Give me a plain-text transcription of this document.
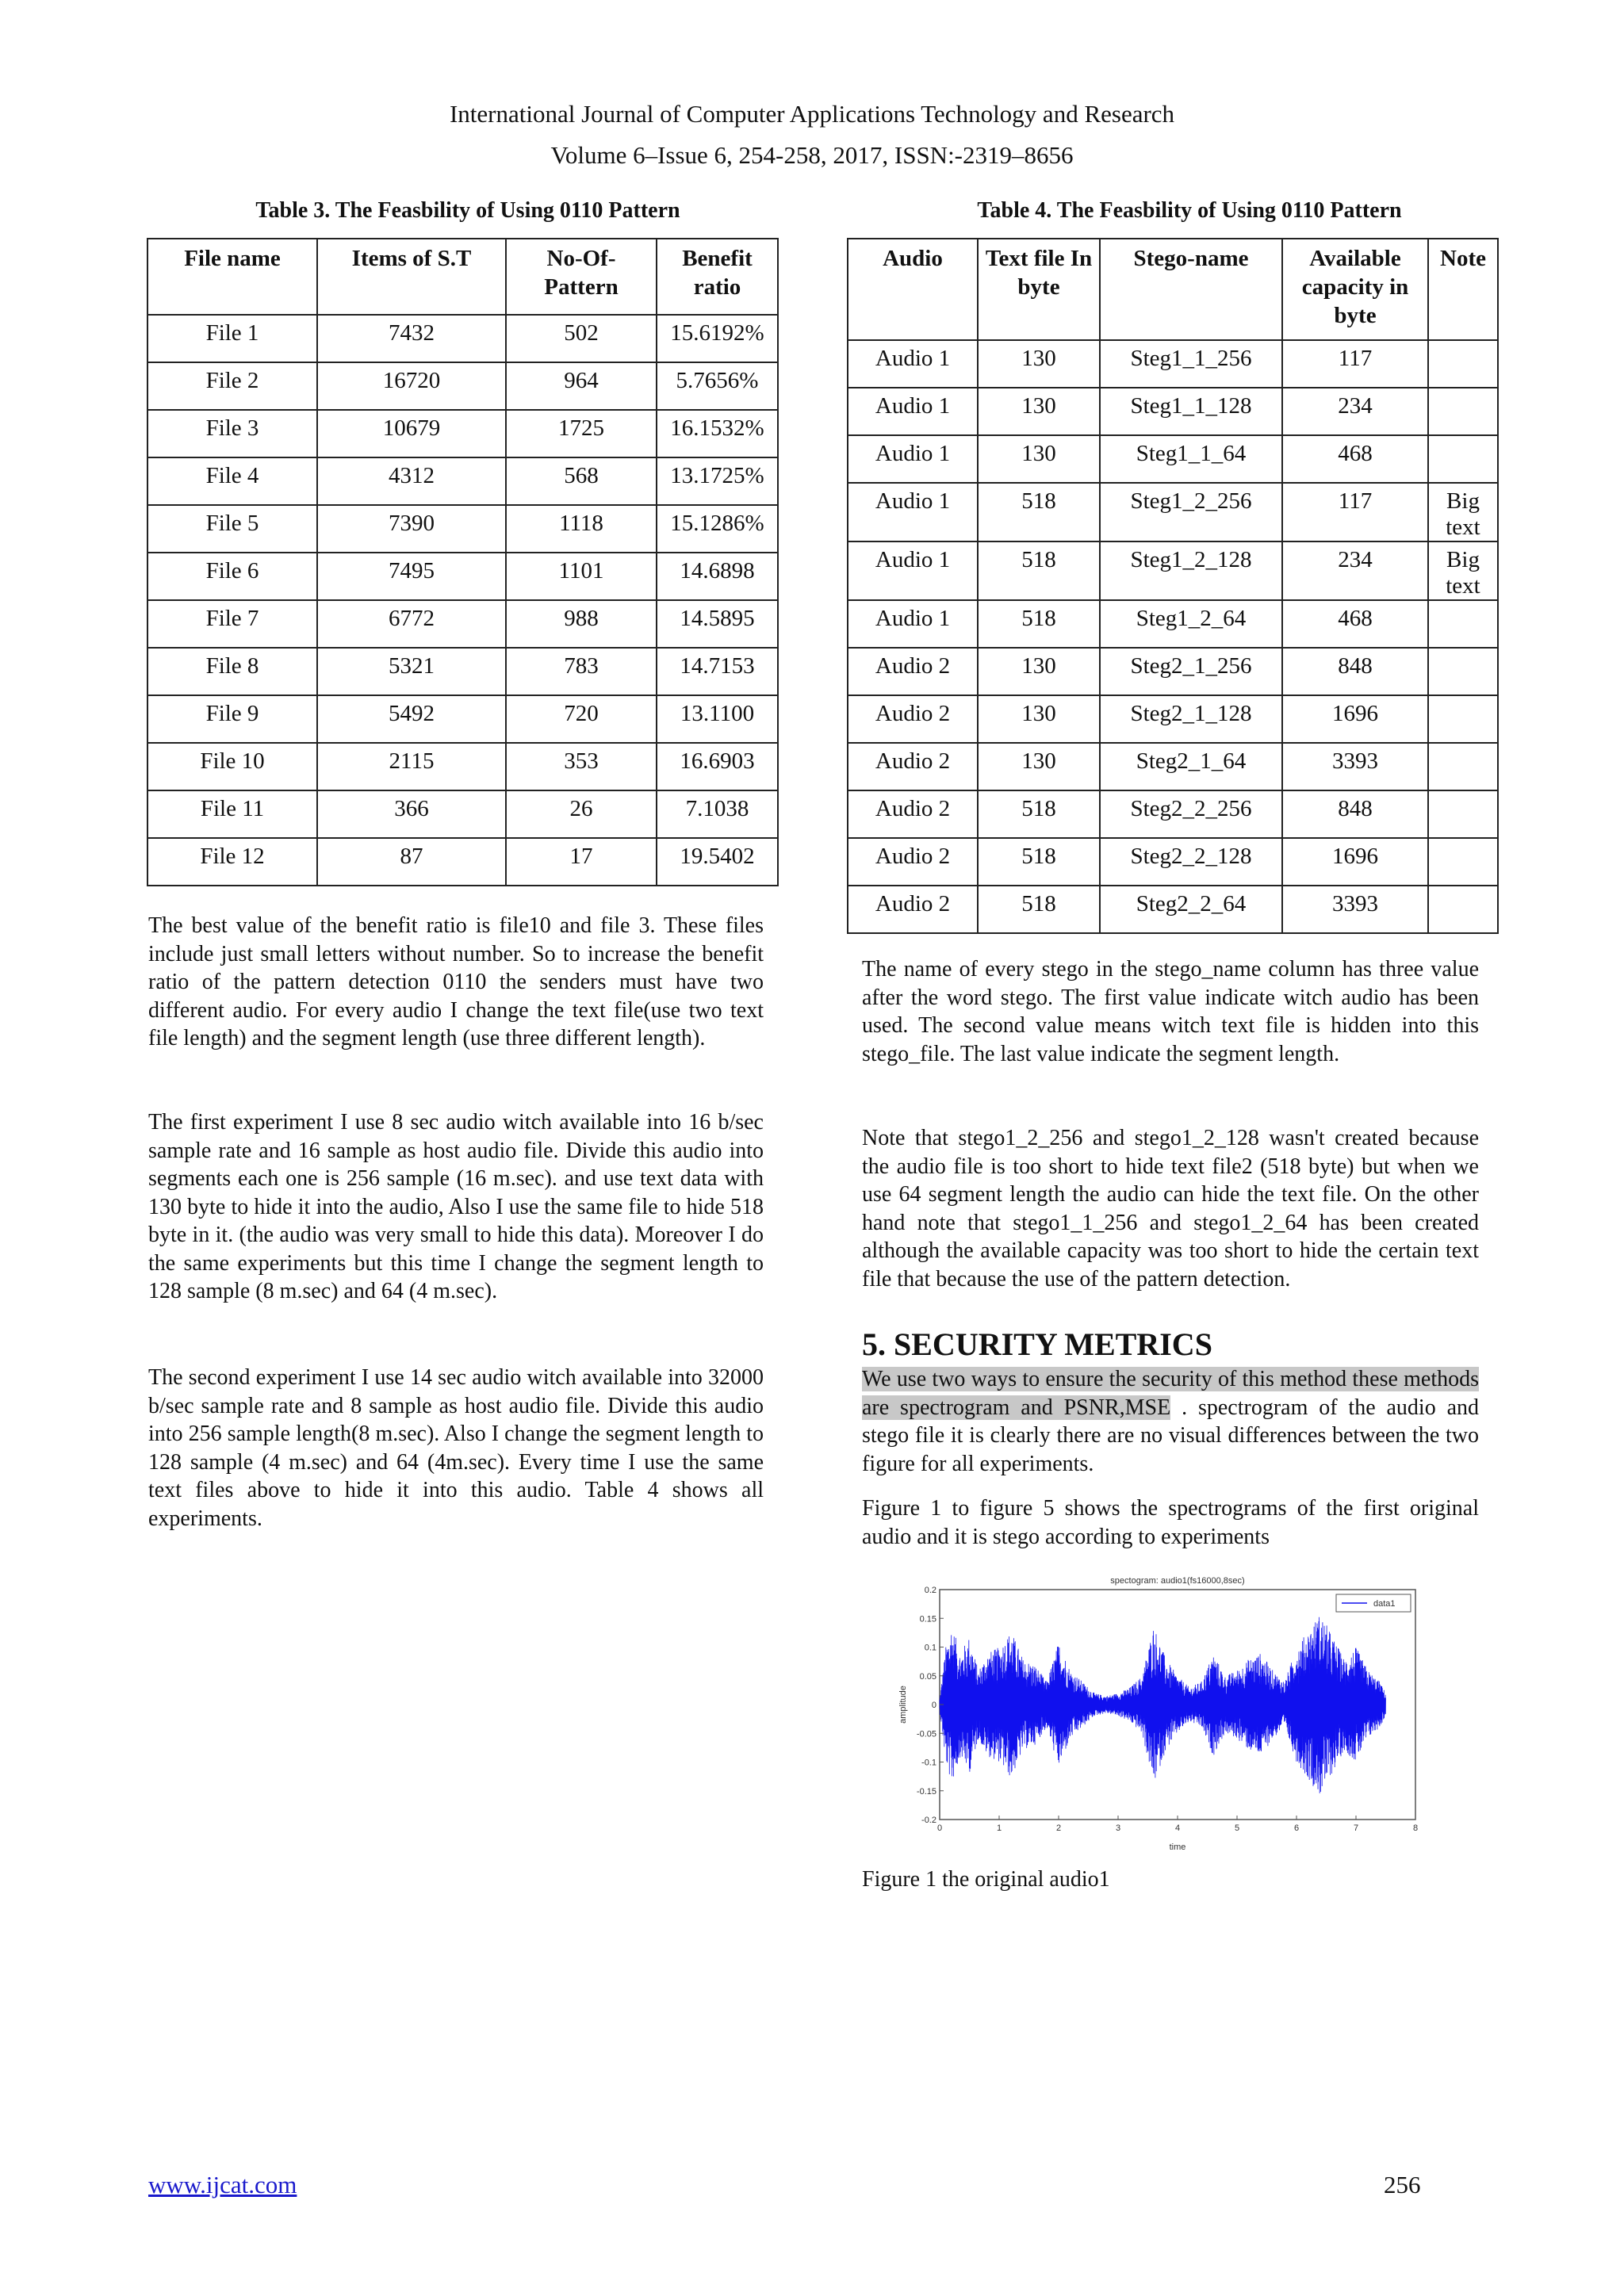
International Journal of Computer Applications Technology and Research
Volume 6–Issue 6, 254-258, 2017, ISSN:-2319–8656
Table 3. The Feasbility of Using 0110 Pattern
File name	Items of S.T	No-Of-Pattern	Benefit ratio
File 1	7432	502	15.6192%
File 2	16720	964	5.7656%
File 3	10679	1725	16.1532%
File 4	4312	568	13.1725%
File 5	7390	1118	15.1286%
File 6	7495	1101	14.6898
File 7	6772	988	14.5895
File 8	5321	783	14.7153
File 9	5492	720	13.1100
File 10	2115	353	16.6903
File 11	366	26	7.1038
File 12	87	17	19.5402
Table 4. The Feasbility of Using 0110 Pattern
Audio	Text file In byte	Stego-name	Available capacity in byte	Note
Audio 1	130	Steg1_1_256	117	
Audio 1	130	Steg1_1_128	234	
Audio 1	130	Steg1_1_64	468	
Audio 1	518	Steg1_2_256	117	Big text
Audio 1	518	Steg1_2_128	234	Big text
Audio 1	518	Steg1_2_64	468	
Audio 2	130	Steg2_1_256	848	
Audio 2	130	Steg2_1_128	1696	
Audio 2	130	Steg2_1_64	3393	
Audio 2	518	Steg2_2_256	848	
Audio 2	518	Steg2_2_128	1696	
Audio 2	518	Steg2_2_64	3393	

The best value of the benefit ratio is file10 and file 3. These files include just small letters without number. So to increase the benefit ratio of the pattern detection 0110 the senders must have two different audio. For every audio I change the text file(use two text file length) and the segment length (use three different length).

The first experiment I use 8 sec audio witch available into 16 b/sec sample rate and 16 sample as host audio file. Divide this audio into segments each one is 256 sample (16 m.sec). and use text data with 130 byte to hide it into the audio, Also I use the same file to hide 518 byte in it. (the audio was very small to hide this data). Moreover I do the same experiments but this time I change the segment length to 128 sample (8 m.sec) and 64 (4 m.sec).

The second experiment I use 14 sec audio witch available into 32000 b/sec sample rate and 8 sample as host audio file. Divide this audio into 256 sample length(8 m.sec). Also I change the segment length to 128 sample (4 m.sec) and 64 (4m.sec). Every time I use the same text files above to hide it into this audio. Table 4 shows all experiments.

The name of every stego in the stego_name column has three value after the word stego. The first value indicate witch audio has been used. The second value means witch text file is hidden into this stego_file. The last value indicate the segment length.

Note that stego1_2_256 and stego1_2_128 wasn't created because the audio file is too short to hide text file2 (518 byte) but when we use 64 segment length the audio can hide the text file. On the other hand note that stego1_1_256 and stego1_2_64 has been created although the available capacity was too short to hide the certain text file that because the use of the pattern detection.

5. SECURITY METRICS

We use two ways to ensure the security of this method these methods are spectrogram and PSNR,MSE . spectrogram of the audio and stego file it is clearly there are no visual differences between the two figure for all experiments.

Figure 1 to figure 5 shows the spectrograms of the first original audio and it is stego according to experiments

spectogram: audio1(fs16000,8sec)
0	1	2	3	4	5	6	7	8
0.2
0.15
0.1
0.05
0
-0.05
-0.1
-0.15
-0.2
amplitude
time
data1
Figure 1 the original audio1
www.ijcat.com	256
